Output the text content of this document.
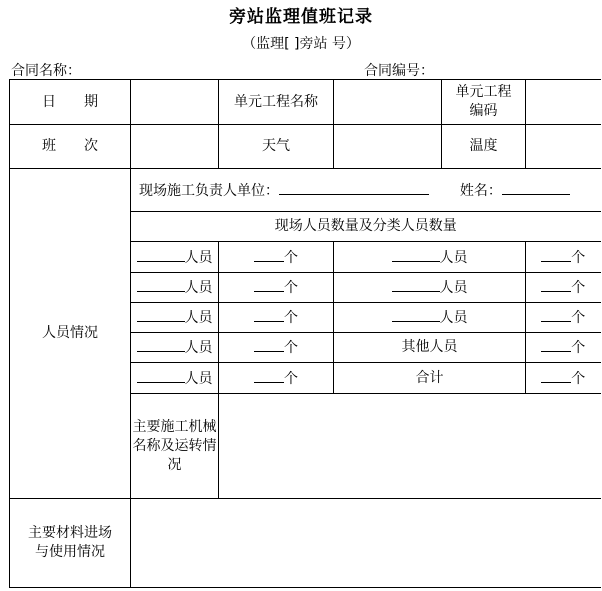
旁站监理值班记录
（监理[ ]旁站 号）
合同名称：	合同编号：
日　　期		单元工程名称		单元工程
编码	

班　　次		天气		温度	
人员情况	现场施工负责人单位： 姓名：				
	现场人员数量及分类人员数量				
	人员	个	人员		个
	人员	个	人员		个
	人员	个	人员		个
	人员	个	其他人员		个
	人员	个	合计		个

	主要施工机械
名称及运转情
况				

主要材料进场
与使用情况					
